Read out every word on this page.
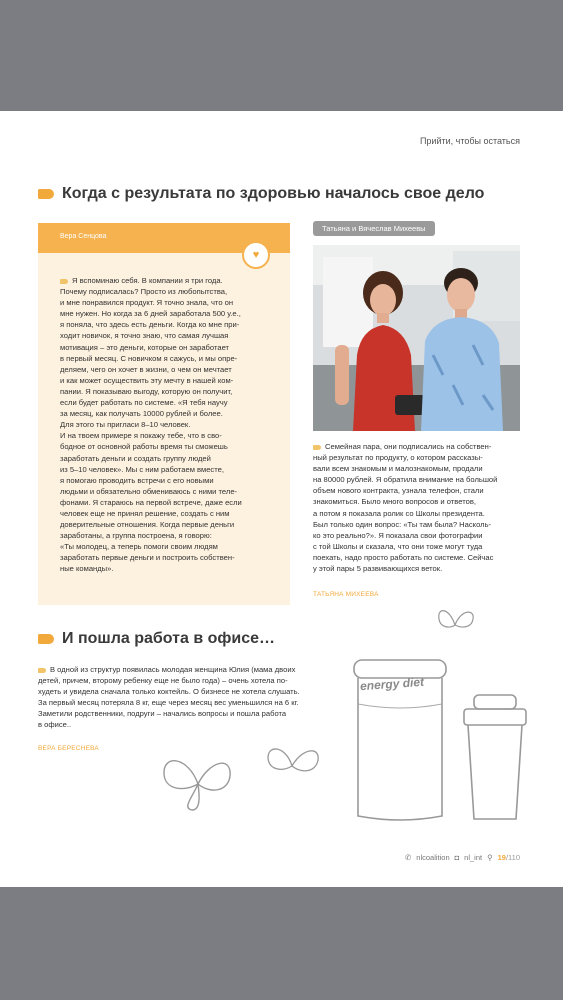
Прийти, чтобы остаться
Когда с результата по здоровью началось свое дело
Вера Сенцова
♥
Я вспоминаю себя. В компании я три года.
Почему подписалась? Просто из любопытства,
и мне понравился продукт. Я точно знала, что он
мне нужен. Но когда за 6 дней заработала 500 у.е.,
я поняла, что здесь есть деньги. Когда ко мне при-
ходит новичок, я точно знаю, что самая лучшая
мотивация – это деньги, которые он заработает
в первый месяц. С новичком я сажусь, и мы опре-
деляем, чего он хочет в жизни, о чем он мечтает
и как может осуществить эту мечту в нашей ком-
пании. Я показываю выгоду, которую он получит,
если будет работать по системе. «Я тебя научу
за месяц, как получать 10000 рублей и более.
Для этого ты пригласи 8–10 человек.
И на твоем примере я покажу тебе, что в сво-
бодное от основной работы время ты сможешь
заработать деньги и создать группу людей
из 5–10 человек». Мы с ним работаем вместе,
я помогаю проводить встречи с его новыми
людьми и обязательно обмениваюсь с ними теле-
фонами. Я стараюсь на первой встрече, даже если
человек еще не принял решение, создать с ним
доверительные отношения. Когда первые деньги
заработаны, а группа построена, я говорю:
«Ты молодец, а теперь помоги своим людям
заработать первые деньги и построить собствен-
ные команды».
Татьяна и Вячеслав Михеевы
Семейная пара, они подписались на собствен-
ный результат по продукту, о котором рассказы-
вали всем знакомым и малознакомым, продали
на 80000 рублей. Я обратила внимание на большой
объем нового контракта, узнала телефон, стали
знакомиться. Было много вопросов и ответов,
а потом я показала ролик со Школы президента.
Был только один вопрос: «Ты там была? Насколь-
ко это реально?». Я показала свои фотографии
с той Школы и сказала, что они тоже могут туда
поехать, надо просто работать по системе. Сейчас
у этой пары 5 развивающихся веток.
ТАТЬЯНА МИХЕЕВА
И пошла работа в офисе…
В одной из структур появилась молодая женщина Юлия (мама двоих
детей, причем, второму ребенку еще не было года) – очень хотела по-
худеть и увидела сначала только коктейль. О бизнесе не хотела слушать.
За первый месяц потеряла 8 кг, еще через месяц вес уменьшился на 6 кг.
Заметили родственники, подруги – начались вопросы и пошла работа
в офисе..
ВЕРА БЕРЕСНЕВА
energy diet
✆ nlcoalition ◘ nl_int ⚲ 19/110
